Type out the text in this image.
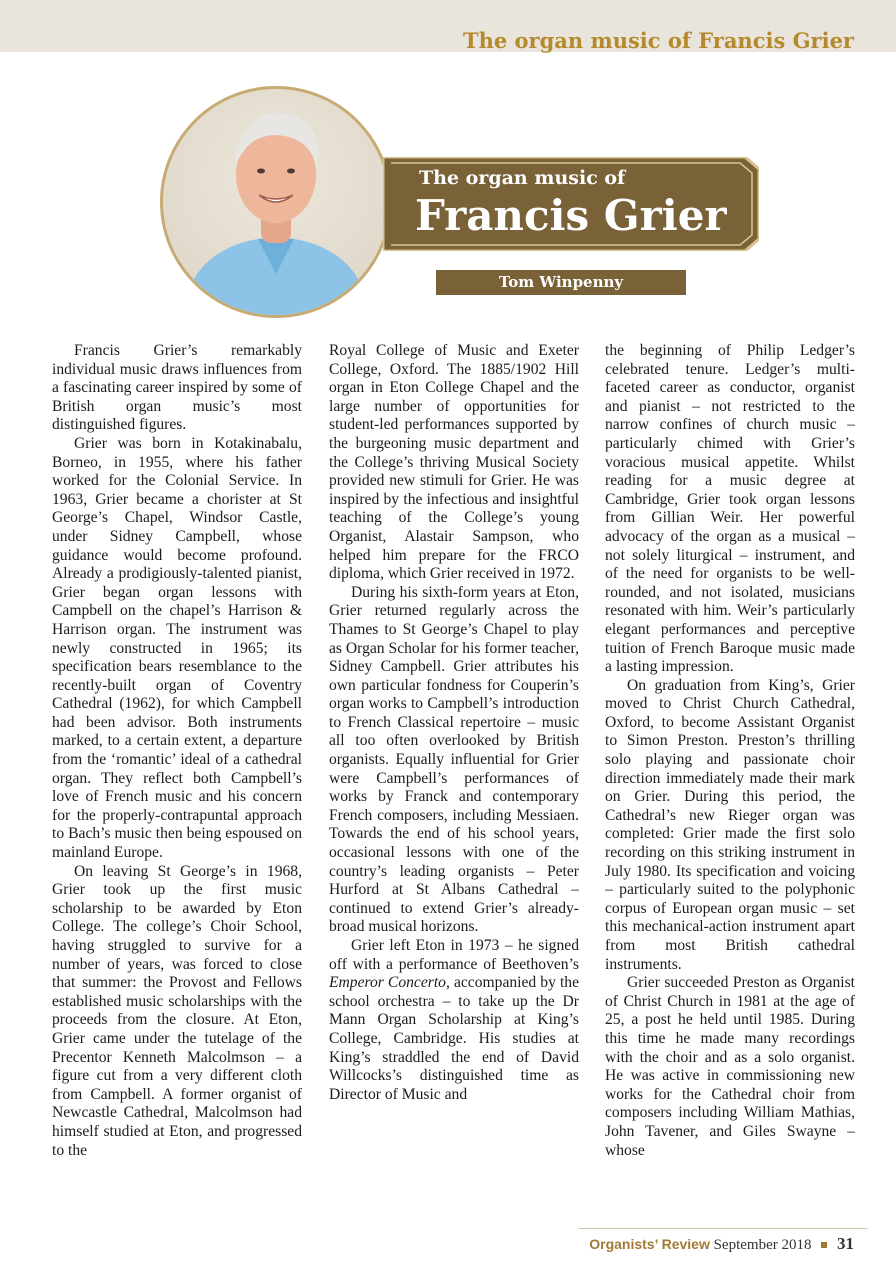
The organ music of Francis Grier
The organ music of
Francis Grier
Tom Winpenny

Francis Grier’s remarkably individual music draws influences from a fascinating career inspired by some of British organ music’s most distinguished figures.

Grier was born in Kotakinabalu, Borneo, in 1955, where his father worked for the Colonial Service. In 1963, Grier became a chorister at St George’s Chapel, Windsor Castle, under Sidney Campbell, whose guidance would become profound. Already a prodigiously-talented pianist, Grier began organ lessons with Campbell on the chapel’s Harrison & Harrison organ. The instrument was newly constructed in 1965; its specification bears resemblance to the recently-built organ of Coventry Cathedral (1962), for which Campbell had been advisor. Both instruments marked, to a certain extent, a departure from the ‘romantic’ ideal of a cathedral organ. They reflect both Campbell’s love of French music and his concern for the properly-contrapuntal approach to Bach’s music then being espoused on mainland Europe.

On leaving St George’s in 1968, Grier took up the first music scholarship to be awarded by Eton College. The college’s Choir School, having struggled to survive for a number of years, was forced to close that summer: the Provost and Fellows established music scholarships with the proceeds from the closure. At Eton, Grier came under the tutelage of the Precentor Kenneth Malcolmson – a figure cut from a very different cloth from Campbell. A former organist of Newcastle Cathedral, Malcolmson had himself studied at Eton, and progressed to the

Royal College of Music and Exeter College, Oxford. The 1885/1902 Hill organ in Eton College Chapel and the large number of opportunities for student-led performances supported by the burgeoning music department and the College’s thriving Musical Society provided new stimuli for Grier. He was inspired by the infectious and insightful teaching of the College’s young Organist, Alastair Sampson, who helped him prepare for the FRCO diploma, which Grier received in 1972.

During his sixth-form years at Eton, Grier returned regularly across the Thames to St George’s Chapel to play as Organ Scholar for his former teacher, Sidney Campbell. Grier attributes his own particular fondness for Couperin’s organ works to Campbell’s introduction to French Classical repertoire – music all too often overlooked by British organists. Equally influential for Grier were Campbell’s performances of works by Franck and contemporary French composers, including Messiaen. Towards the end of his school years, occasional lessons with one of the country’s leading organists – Peter Hurford at St Albans Cathedral – continued to extend Grier’s already-broad musical horizons.

Grier left Eton in 1973 – he signed off with a performance of Beethoven’s Emperor Concerto, accompanied by the school orchestra – to take up the Dr Mann Organ Scholarship at King’s College, Cambridge. His studies at King’s straddled the end of David Willcocks’s distinguished time as Director of Music and

the beginning of Philip Ledger’s celebrated tenure. Ledger’s multi-faceted career as conductor, organist and pianist – not restricted to the narrow confines of church music – particularly chimed with Grier’s voracious musical appetite. Whilst reading for a music degree at Cambridge, Grier took organ lessons from Gillian Weir. Her powerful advocacy of the organ as a musical – not solely liturgical – instrument, and of the need for organists to be well-rounded, and not isolated, musicians resonated with him. Weir’s particularly elegant performances and perceptive tuition of French Baroque music made a lasting impression.

On graduation from King’s, Grier moved to Christ Church Cathedral, Oxford, to become Assistant Organist to Simon Preston. Preston’s thrilling solo playing and passionate choir direction immediately made their mark on Grier. During this period, the Cathedral’s new Rieger organ was completed: Grier made the first solo recording on this striking instrument in July 1980. Its specification and voicing – particularly suited to the polyphonic corpus of European organ music – set this mechanical-action instrument apart from most British cathedral instruments.

Grier succeeded Preston as Organist of Christ Church in 1981 at the age of 25, a post he held until 1985. During this time he made many recordings with the choir and as a solo organist. He was active in commissioning new works for the Cathedral choir from composers including William Mathias, John Tavener, and Giles Swayne – whose

Organists’ Review September 2018 31
